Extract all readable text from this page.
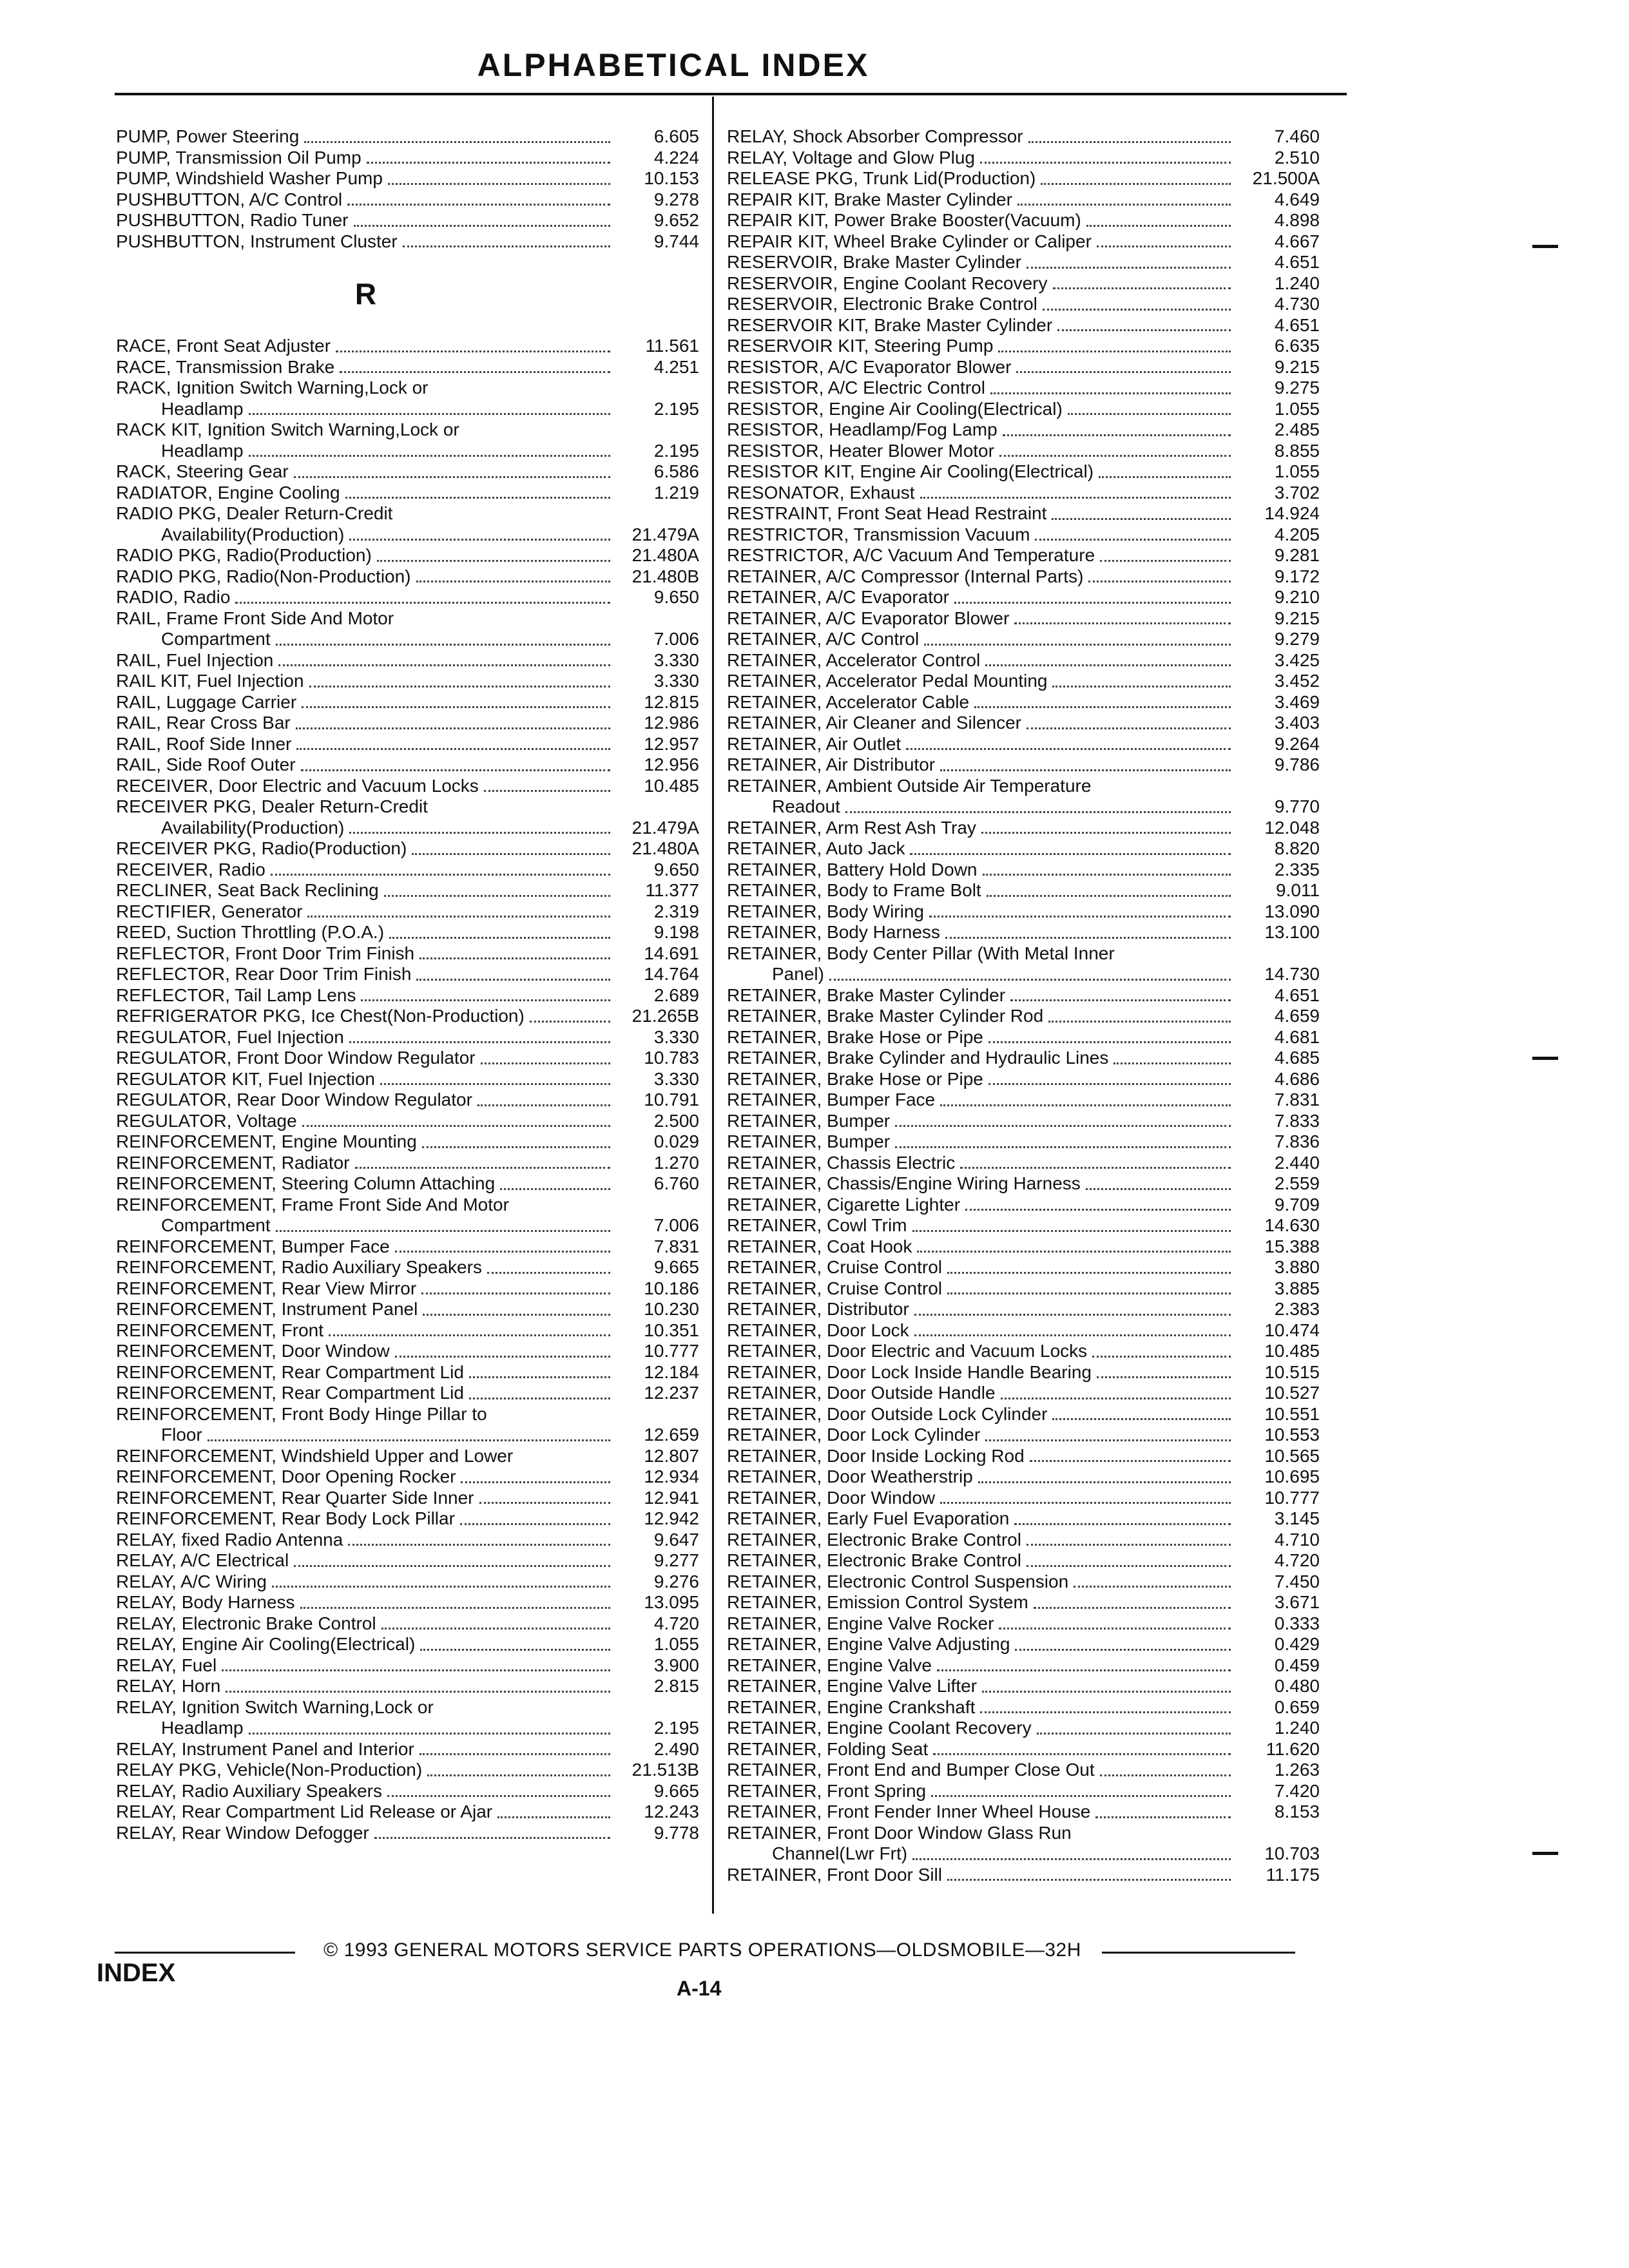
ALPHABETICAL INDEX
PUMP, Power Steering	6.605
PUMP, Transmission Oil Pump	4.224
PUMP, Windshield Washer Pump	10.153
PUSHBUTTON, A/C Control	9.278
PUSHBUTTON, Radio Tuner	9.652
PUSHBUTTON, Instrument Cluster	9.744
R
RACE, Front Seat Adjuster	11.561
RACE, Transmission Brake	4.251
RACK, Ignition Switch Warning,Lock or
Headlamp	2.195
RACK KIT, Ignition Switch Warning,Lock or
Headlamp	2.195
RACK, Steering Gear	6.586
RADIATOR, Engine Cooling	1.219
RADIO PKG, Dealer Return-Credit
Availability(Production)	21.479A
RADIO PKG, Radio(Production)	21.480A
RADIO PKG, Radio(Non-Production)	21.480B
RADIO, Radio	9.650
RAIL, Frame Front Side And Motor
Compartment	7.006
RAIL, Fuel Injection	3.330
RAIL KIT, Fuel Injection	3.330
RAIL, Luggage Carrier	12.815
RAIL, Rear Cross Bar	12.986
RAIL, Roof Side Inner	12.957
RAIL, Side Roof Outer	12.956
RECEIVER, Door Electric and Vacuum Locks	10.485
RECEIVER PKG, Dealer Return-Credit
Availability(Production)	21.479A
RECEIVER PKG, Radio(Production)	21.480A
RECEIVER, Radio	9.650
RECLINER, Seat Back Reclining	11.377
RECTIFIER, Generator	2.319
REED, Suction Throttling (P.O.A.)	9.198
REFLECTOR, Front Door Trim Finish	14.691
REFLECTOR, Rear Door Trim Finish	14.764
REFLECTOR, Tail Lamp Lens	2.689
REFRIGERATOR PKG, Ice Chest(Non-Production)	21.265B
REGULATOR, Fuel Injection	3.330
REGULATOR, Front Door Window Regulator	10.783
REGULATOR KIT, Fuel Injection	3.330
REGULATOR, Rear Door Window Regulator	10.791
REGULATOR, Voltage	2.500
REINFORCEMENT, Engine Mounting	0.029
REINFORCEMENT, Radiator	1.270
REINFORCEMENT, Steering Column Attaching	6.760
REINFORCEMENT, Frame Front Side And Motor
Compartment	7.006
REINFORCEMENT, Bumper Face	7.831
REINFORCEMENT, Radio Auxiliary Speakers	9.665
REINFORCEMENT, Rear View Mirror	10.186
REINFORCEMENT, Instrument Panel	10.230
REINFORCEMENT, Front	10.351
REINFORCEMENT, Door Window	10.777
REINFORCEMENT, Rear Compartment Lid	12.184
REINFORCEMENT, Rear Compartment Lid	12.237
REINFORCEMENT, Front Body Hinge Pillar to
Floor	12.659
REINFORCEMENT, Windshield Upper and Lower	12.807
REINFORCEMENT, Door Opening Rocker	12.934
REINFORCEMENT, Rear Quarter Side Inner	12.941
REINFORCEMENT, Rear Body Lock Pillar	12.942
RELAY, fixed Radio Antenna	9.647
RELAY, A/C Electrical	9.277
RELAY, A/C Wiring	9.276
RELAY, Body Harness	13.095
RELAY, Electronic Brake Control	4.720
RELAY, Engine Air Cooling(Electrical)	1.055
RELAY, Fuel	3.900
RELAY, Horn	2.815
RELAY, Ignition Switch Warning,Lock or
Headlamp	2.195
RELAY, Instrument Panel and Interior	2.490
RELAY PKG, Vehicle(Non-Production)	21.513B
RELAY, Radio Auxiliary Speakers	9.665
RELAY, Rear Compartment Lid Release or Ajar	12.243
RELAY, Rear Window Defogger	9.778
RELAY, Shock Absorber Compressor	7.460
RELAY, Voltage and Glow Plug	2.510
RELEASE PKG, Trunk Lid(Production)	21.500A
REPAIR KIT, Brake Master Cylinder	4.649
REPAIR KIT, Power Brake Booster(Vacuum)	4.898
REPAIR KIT, Wheel Brake Cylinder or Caliper	4.667
RESERVOIR, Brake Master Cylinder	4.651
RESERVOIR, Engine Coolant Recovery	1.240
RESERVOIR, Electronic Brake Control	4.730
RESERVOIR KIT, Brake Master Cylinder	4.651
RESERVOIR KIT, Steering Pump	6.635
RESISTOR, A/C Evaporator Blower	9.215
RESISTOR, A/C Electric Control	9.275
RESISTOR, Engine Air Cooling(Electrical)	1.055
RESISTOR, Headlamp/Fog Lamp	2.485
RESISTOR, Heater Blower Motor	8.855
RESISTOR KIT, Engine Air Cooling(Electrical)	1.055
RESONATOR, Exhaust	3.702
RESTRAINT, Front Seat Head Restraint	14.924
RESTRICTOR, Transmission Vacuum	4.205
RESTRICTOR, A/C Vacuum And Temperature	9.281
RETAINER, A/C Compressor (Internal Parts)	9.172
RETAINER, A/C Evaporator	9.210
RETAINER, A/C Evaporator Blower	9.215
RETAINER, A/C Control	9.279
RETAINER, Accelerator Control	3.425
RETAINER, Accelerator Pedal Mounting	3.452
RETAINER, Accelerator Cable	3.469
RETAINER, Air Cleaner and Silencer	3.403
RETAINER, Air Outlet	9.264
RETAINER, Air Distributor	9.786
RETAINER, Ambient Outside Air Temperature
Readout	9.770
RETAINER, Arm Rest Ash Tray	12.048
RETAINER, Auto Jack	8.820
RETAINER, Battery Hold Down	2.335
RETAINER, Body to Frame Bolt	9.011
RETAINER, Body Wiring	13.090
RETAINER, Body Harness	13.100
RETAINER, Body Center Pillar (With Metal Inner
Panel)	14.730
RETAINER, Brake Master Cylinder	4.651
RETAINER, Brake Master Cylinder Rod	4.659
RETAINER, Brake Hose or Pipe	4.681
RETAINER, Brake Cylinder and Hydraulic Lines	4.685
RETAINER, Brake Hose or Pipe	4.686
RETAINER, Bumper Face	7.831
RETAINER, Bumper	7.833
RETAINER, Bumper	7.836
RETAINER, Chassis Electric	2.440
RETAINER, Chassis/Engine Wiring Harness	2.559
RETAINER, Cigarette Lighter	9.709
RETAINER, Cowl Trim	14.630
RETAINER, Coat Hook	15.388
RETAINER, Cruise Control	3.880
RETAINER, Cruise Control	3.885
RETAINER, Distributor	2.383
RETAINER, Door Lock	10.474
RETAINER, Door Electric and Vacuum Locks	10.485
RETAINER, Door Lock Inside Handle Bearing	10.515
RETAINER, Door Outside Handle	10.527
RETAINER, Door Outside Lock Cylinder	10.551
RETAINER, Door Lock Cylinder	10.553
RETAINER, Door Inside Locking Rod	10.565
RETAINER, Door Weatherstrip	10.695
RETAINER, Door Window	10.777
RETAINER, Early Fuel Evaporation	3.145
RETAINER, Electronic Brake Control	4.710
RETAINER, Electronic Brake Control	4.720
RETAINER, Electronic Control Suspension	7.450
RETAINER, Emission Control System	3.671
RETAINER, Engine Valve Rocker	0.333
RETAINER, Engine Valve Adjusting	0.429
RETAINER, Engine Valve	0.459
RETAINER, Engine Valve Lifter	0.480
RETAINER, Engine Crankshaft	0.659
RETAINER, Engine Coolant Recovery	1.240
RETAINER, Folding Seat	11.620
RETAINER, Front End and Bumper Close Out	1.263
RETAINER, Front Spring	7.420
RETAINER, Front Fender Inner Wheel House	8.153
RETAINER, Front Door Window Glass Run
Channel(Lwr Frt)	10.703
RETAINER, Front Door Sill	11.175
© 1993 GENERAL MOTORS SERVICE PARTS OPERATIONS—OLDSMOBILE—32H
INDEX
A-14
